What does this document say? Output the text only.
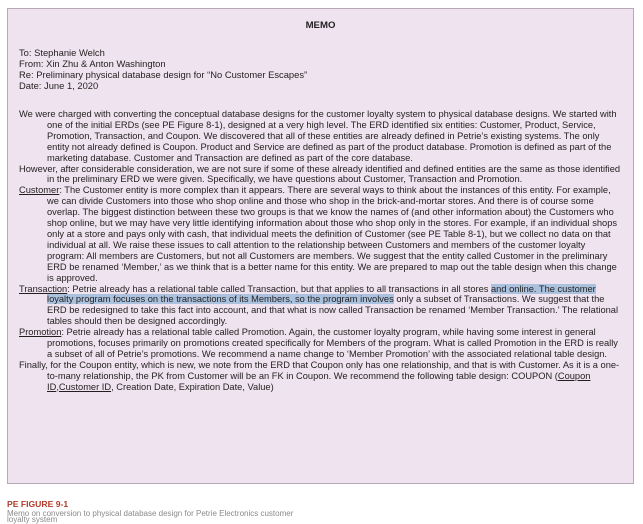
MEMO
To: Stephanie Welch
From: Xin Zhu & Anton Washington
Re: Preliminary physical database design for “No Customer Escapes”
Date: June 1, 2020

We were charged with converting the conceptual database designs for the customer loyalty system to physical database designs. We started with one of the initial ERDs (see PE Figure 8-1), designed at a very high level. The ERD identified six entities: Customer, Product, Service, Promotion, Transaction, and Coupon. We discovered that all of these entities are already defined in Petrie’s existing systems. The only entity not already defined is Coupon. Product and Service are defined as part of the product database. Promotion is defined as part of the marketing database. Customer and Transaction are defined as part of the core database.

However, after considerable consideration, we are not sure if some of these already identified and defined entities are the same as those identified in the preliminary ERD we were given. Specifically, we have questions about Customer, Transaction and Promotion.

Customer: The Customer entity is more complex than it appears. There are several ways to think about the instances of this entity. For example, we can divide Customers into those who shop online and those who shop in the brick-and-mortar stores. And there is of course some overlap. The biggest distinction between these two groups is that we know the names of (and other information about) the Customers who shop online, but we may have very little identifying information about those who shop only in the stores. For example, if an individual shops only at a store and pays only with cash, that individual meets the definition of Customer (see PE Table 8-1), but we collect no data on that individual at all. We raise these issues to call attention to the relationship between Customers and members of the customer loyalty program: All members are Customers, but not all Customers are members. We suggest that the entity called Customer in the preliminary ERD be renamed ‘Member,’ as we think that is a better name for this entity. We are prepared to map out the table design when this change is approved.

Transaction: Petrie already has a relational table called Transaction, but that applies to all transactions in all stores and online. The customer loyalty program focuses on the transactions of its Members, so the program involves only a subset of Transactions. We suggest that the ERD be redesigned to take this fact into account, and that what is now called Transaction be renamed ‘Member Transaction.’ The relational tables should then be designed accordingly.

Promotion: Petrie already has a relational table called Promotion. Again, the customer loyalty program, while having some interest in general promotions, focuses primarily on promotions created specifically for Members of the program. What is called Promotion in the ERD is really a subset of all of Petrie’s promotions. We recommend a name change to ‘Member Promotion’ with the associated relational table design.

Finally, for the Coupon entity, which is new, we note from the ERD that Coupon only has one relationship, and that is with Customer. As it is a one-to-many relationship, the PK from Customer will be an FK in Coupon. We recommend the following table design: COUPON (Coupon ID,Customer ID, Creation Date, Expiration Date, Value)

PE FIGURE 9-1
Memo on conversion to physical database design for Petrie Electronics customer loyalty system
